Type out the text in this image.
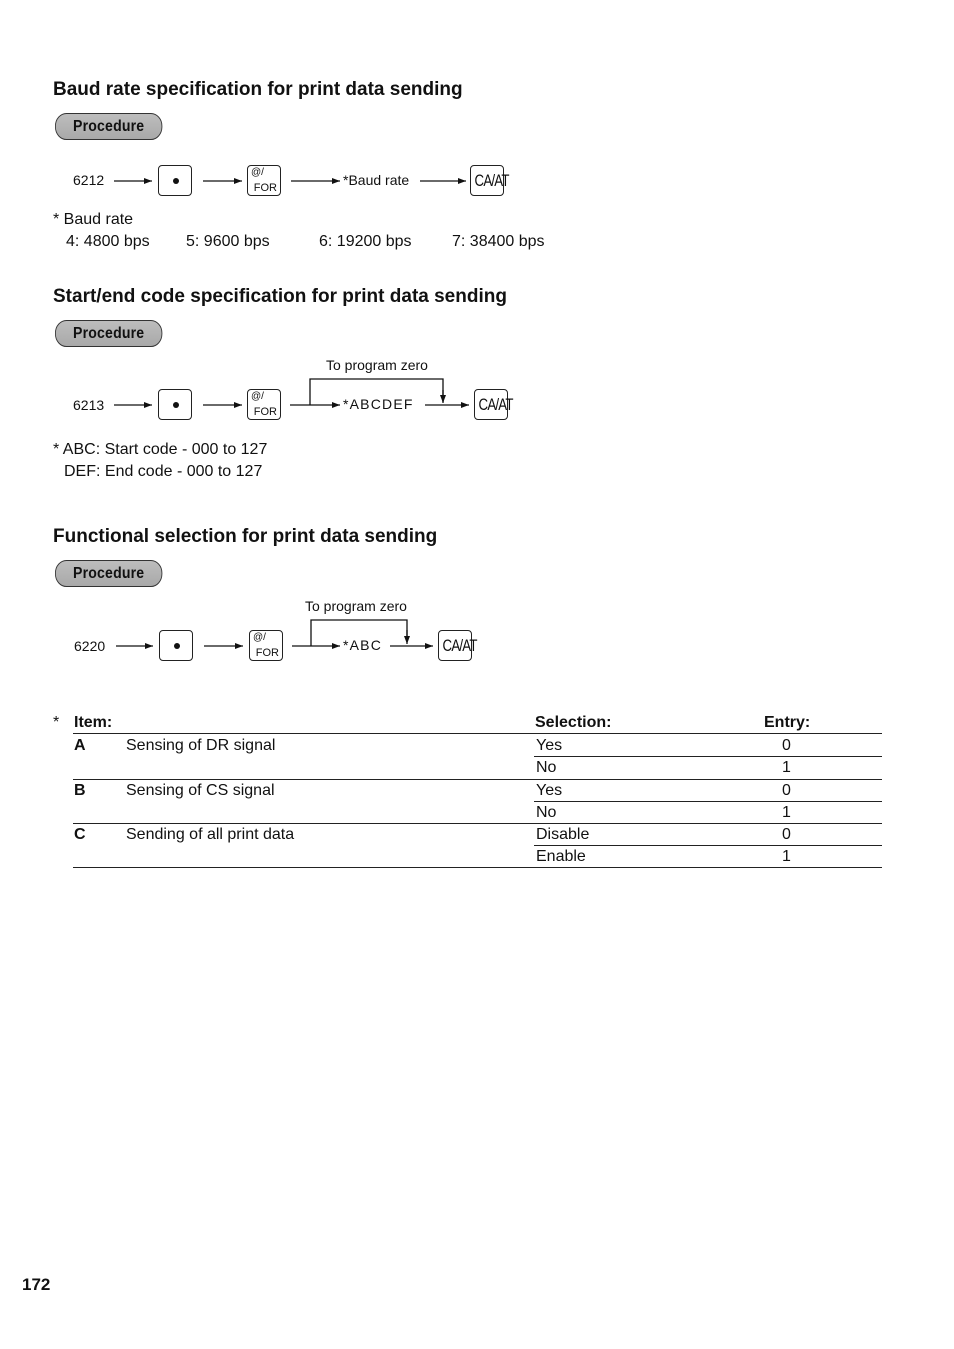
Baud rate specification for print data sending
Procedure
6212	@/
FOR	*Baud rate	CA/AT
* Baud rate
4: 4800 bps 5: 9600 bps	6: 19200 bps	7: 38400 bps
Start/end code specification for print data sending
Procedure
To program zero
6213
@/
FOR	*ABCDEF	CA/AT
* ABC: Start code - 000 to 127
DEF: End code - 000 to 127
Functional selection for print data sending
Procedure
To program zero
6220
@/
FOR	*ABC	CA/AT
* Item:	Selection:	Entry:
A	Sensing of DR signal	Yes	0
No	1
B	Sensing of CS signal	Yes	0
No	1
C	Sending of all print data	Disable	0
Enable	1
172
